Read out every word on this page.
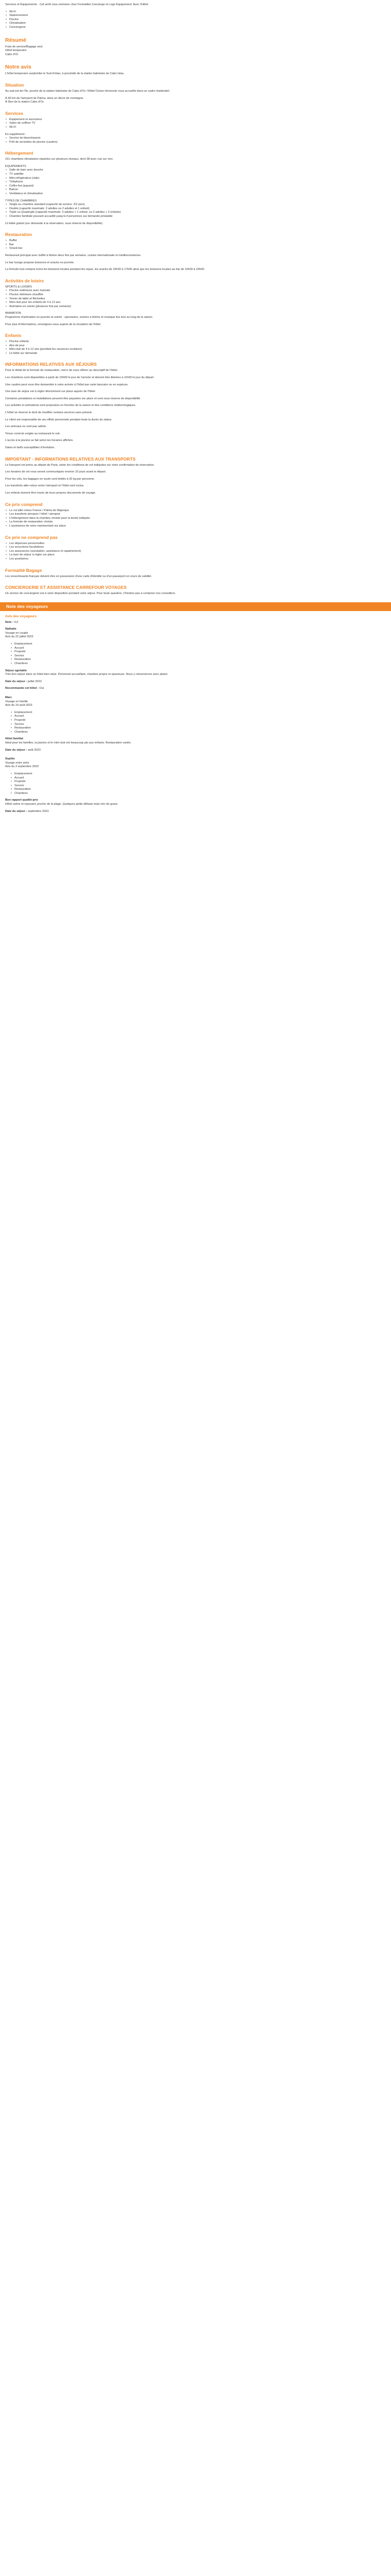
Services et Équipements · Cet arrêt vous emmène chez Formalités Concierge et Loge Équipement. Avec l'Hôtel

• Wi-Fi
• Stationnement
• Piscine
• Climatisation
• Conciergerie
Résumé

Frais de service/Bagage seul

Hôtel temporaire

Cabo d'Or

Notre avis

L'hôtel temporaire surplombe le Sud d'Islas, à proximité de la station balnéaire de Cabo Islas.

Situation

Au sud-est de l'île, proche de la station balnéaire de Cabo d'Or, l'Hôtel Océan Horizonte vous accueille dans un cadre résidentiel.

À 40 km de l'aéroport de Palma, dans un décor de montagne.

À 3km de la station Cabo d'Or.

Services
• Équipement et ascenseur
• Salon de coiffure TV
• Wi-Fi

En supplément :

• Service de blanchisserie
• Prêt de serviettes de piscine (caution)
Hébergement

151 chambres climatisées réparties sur plusieurs niveaux, dont 38 avec vue sur mer.

ÉQUIPEMENTS

• Salle de bain avec douche
• TV satellite
• Mini-réfrigérateur (vide)
• Téléphone
• Coffre-fort (payant)
• Balcon
• Ventilateur et climatisation

TYPES DE CHAMBRES

• Single ou chambre standard (capacité de service: 2/2 pers)
• Double (capacité maximale: 2 adultes ou 2 adultes et 1 enfant)
• Triple ou Quadruple (capacité maximale: 3 adultes + 1 enfant, ou 2 adultes + 2 enfants)
• Chambre familiale pouvant accueillir jusqu'à 4 personnes sur demande préalable

Lit bébé gratuit (sur demande à la réservation, sous réserve de disponibilité).

Restauration
• Buffet
• Bar
• Snack-bar

Restaurant principal avec buffet à thème deux fois par semaine, cuisine internationale et méditerranéenne.

Le bar lounge propose boissons et snacks en journée.

La formule tout compris inclut les boissons locales pendant les repas, les snacks de 10h30 à 17h00 ainsi que les boissons locales au bar de 10h00 à 23h00.

Activités de loisirs

SPORTS & LOISIRS

• Piscine extérieure avec transats
• Piscine intérieure chauffée
• Tennis de table et fléchettes
• Mini-club pour les enfants de 4 à 12 ans
• Animation en soirée (plusieurs fois par semaine)

ANIMATION

Programme d'animation en journée et soirée : spectacles, soirées à thème et musique live tout au long de la saison.

Pour plus d'informations, renseignez-vous auprès de la réception de l'hôtel.

Enfants
• Piscine enfants
• Aire de jeux
• Mini-club de 4 à 12 ans (pendant les vacances scolaires)
• Lit bébé sur demande
INFORMATIONS RELATIVES AUX SÉJOURS

Pour le détail de la formule de restauration, merci de vous référer au descriptif de l'hôtel.

Les chambres sont disponibles à partir de 15h00 le jour de l'arrivée et doivent être libérées à 11h00 le jour du départ.

Une caution peut vous être demandée à votre arrivée à l'hôtel par carte bancaire ou en espèces.

Une taxe de séjour est à régler directement sur place auprès de l'hôtel.

Certaines prestations et installations peuvent être payantes sur place et sont sous réserve de disponibilité.

Les activités et animations sont proposées en fonction de la saison et des conditions météorologiques.

L'hôtel se réserve le droit de modifier certains services sans préavis.

Le client est responsable de ses effets personnels pendant toute la durée du séjour.

Les animaux ne sont pas admis.

Tenue correcte exigée au restaurant le soir.

L'accès à la piscine se fait selon les horaires affichés.

Dates et tarifs susceptibles d'évolution.

IMPORTANT - INFORMATIONS RELATIVES AUX TRANSPORTS

Le transport est prévu au départ de Paris, selon les conditions de vol indiquées sur votre confirmation de réservation.

Les horaires de vol vous seront communiqués environ 10 jours avant le départ.

Pour les vols, les bagages en soute sont limités à 20 kg par personne.

Les transferts aller-retour entre l'aéroport et l'hôtel sont inclus.

Les enfants doivent être munis de leurs propres documents de voyage.

Ce prix comprend
• Le vol aller-retour France / Palma de Majorque
• Les transferts aéroport / hôtel / aéroport
• L'hébergement dans la chambre choisie pour la durée indiquée
• La formule de restauration choisie
• L'assistance de notre représentant sur place
Ce prix ne comprend pas
• Les dépenses personnelles
• Les excursions facultatives
• Les assurances (annulation, assistance et rapatriement)
• La taxe de séjour à régler sur place
• Les pourboires
Formalité Bagage

Les ressortissants français doivent être en possession d'une carte d'identité ou d'un passeport en cours de validité.

CONCIERGERIE ET ASSISTANCE CARREFOUR VOYAGES

Un service de conciergerie est à votre disposition pendant votre séjour. Pour toute question, n'hésitez pas à contacter nos conseillers.

Note des voyageurs
Avis des voyageurs

Note : 4,0

Nathalie

Voyage en couple

Avis du 22 juillet 2023

• Emplacement
• Accueil
• Propreté
• Service
• Restauration
• Chambres

Séjour agréable

Très bon séjour dans un hôtel bien situé. Personnel accueillant, chambre propre et spacieuse. Nous y retournerons avec plaisir.

Date du séjour : juillet 2023

Recommande cet hôtel : Oui

Marc

Voyage en famille

Avis du 14 août 2023

• Emplacement
• Accueil
• Propreté
• Service
• Restauration
• Chambres

Hôtel familial

Idéal pour les familles, la piscine et le mini-club ont beaucoup plu aux enfants. Restauration variée.

Date du séjour : août 2023

Sophie

Voyage entre amis

Avis du 3 septembre 2023

• Emplacement
• Accueil
• Propreté
• Service
• Restauration
• Chambres

Bon rapport qualité-prix

Hôtel calme et reposant, proche de la plage. Quelques petits défauts mais rien de grave.

Date du séjour : septembre 2023
